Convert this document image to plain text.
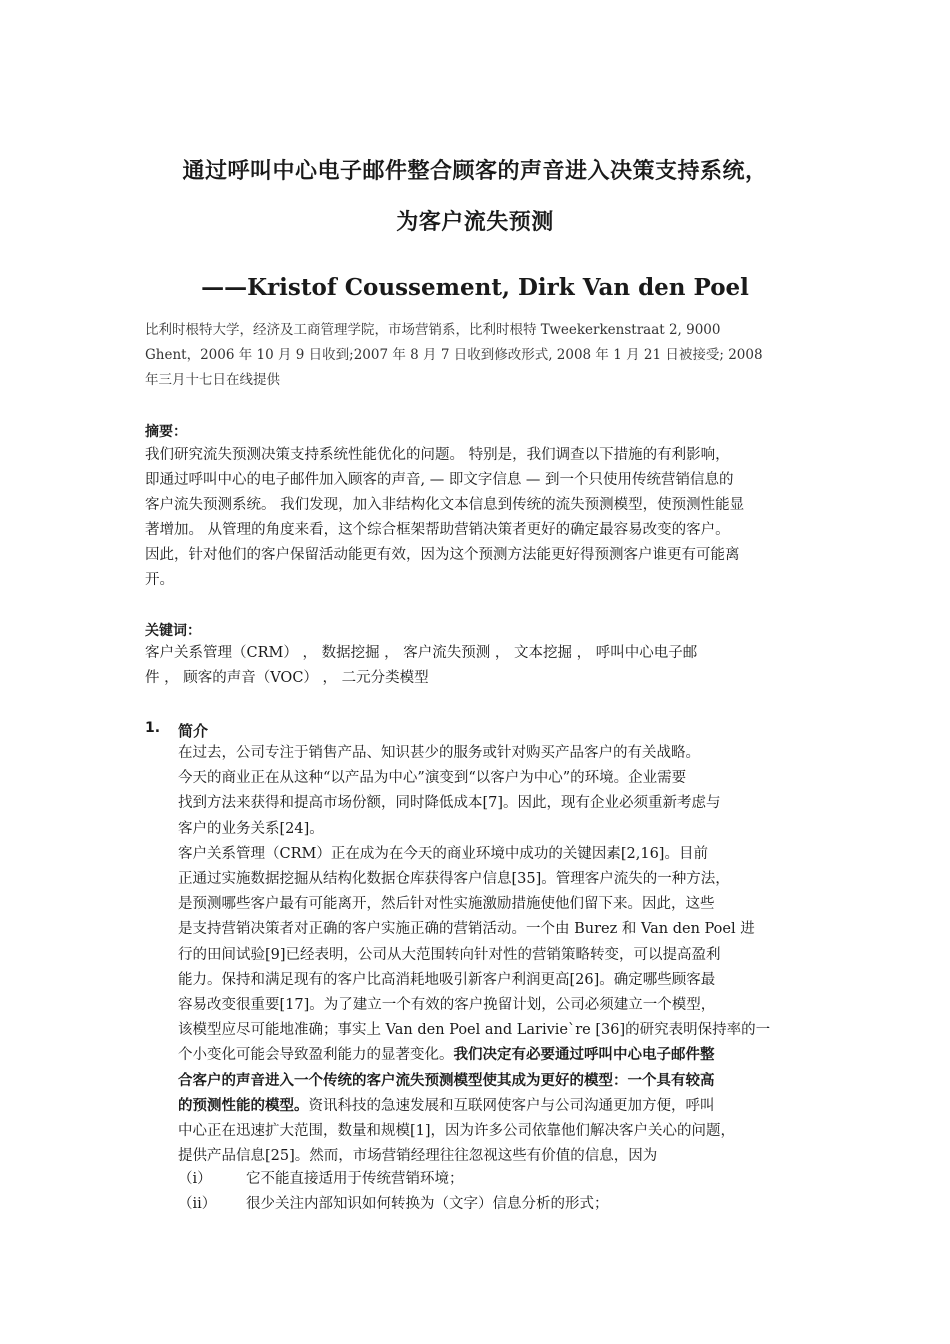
通过呼叫中心电子邮件整合顾客的声音进入决策支持系统，
为客户流失预测
——Kristof Coussement, Dirk Van den Poel

比利时根特大学，经济及工商管理学院，市场营销系，比利时根特 Tweekerkenstraat 2, 9000

Ghent，2006 年 10 月 9 日收到;2007 年 8 月 7 日收到修改形式, 2008 年 1 月 21 日被接受; 2008

年三月十七日在线提供

摘要：

我们研究流失预测决策支持系统性能优化的问题。 特别是，我们调查以下措施的有利影响，

即通过呼叫中心的电子邮件加入顾客的声音, — 即文字信息 — 到一个只使用传统营销信息的

客户流失预测系统。 我们发现，加入非结构化文本信息到传统的流失预测模型，使预测性能显

著增加。 从管理的角度来看，这个综合框架帮助营销决策者更好的确定最容易改变的客户。

因此，针对他们的客户保留活动能更有效，因为这个预测方法能更好得预测客户谁更有可能离

开。

关键词：

客户关系管理（CRM） ， 数据挖掘 ， 客户流失预测 ， 文本挖掘 ， 呼叫中心电子邮

件 ， 顾客的声音（VOC） ， 二元分类模型

1. 简介

在过去，公司专注于销售产品、知识甚少的服务或针对购买产品客户的有关战略。

今天的商业正在从这种“以产品为中心”演变到“以客户为中心”的环境。企业需要

找到方法来获得和提高市场份额，同时降低成本[7]。因此，现有企业必须重新考虑与

客户的业务关系[24]。

客户关系管理（CRM）正在成为在今天的商业环境中成功的关键因素[2,16]。目前

正通过实施数据挖掘从结构化数据仓库获得客户信息[35]。管理客户流失的一种方法，

是预测哪些客户最有可能离开，然后针对性实施激励措施使他们留下来。因此，这些

是支持营销决策者对正确的客户实施正确的营销活动。一个由 Burez 和 Van den Poel 进

行的田间试验[9]已经表明，公司从大范围转向针对性的营销策略转变，可以提高盈利

能力。保持和满足现有的客户比高消耗地吸引新客户利润更高[26]。确定哪些顾客最

容易改变很重要[17]。为了建立一个有效的客户挽留计划，公司必须建立一个模型，

该模型应尽可能地准确；事实上 Van den Poel and Larivie`re [36]的研究表明保持率的一

个小变化可能会导致盈利能力的显著变化。我们决定有必要通过呼叫中心电子邮件整

合客户的声音进入一个传统的客户流失预测模型使其成为更好的模型：一个具有较高

的预测性能的模型。资讯科技的急速发展和互联网使客户与公司沟通更加方便，呼叫

中心正在迅速扩大范围，数量和规模[1]，因为许多公司依靠他们解决客户关心的问题，

提供产品信息[25]。然而，市场营销经理往往忽视这些有价值的信息，因为

（i） 它不能直接适用于传统营销环境；
（ii） 很少关注内部知识如何转换为（文字）信息分析的形式；
